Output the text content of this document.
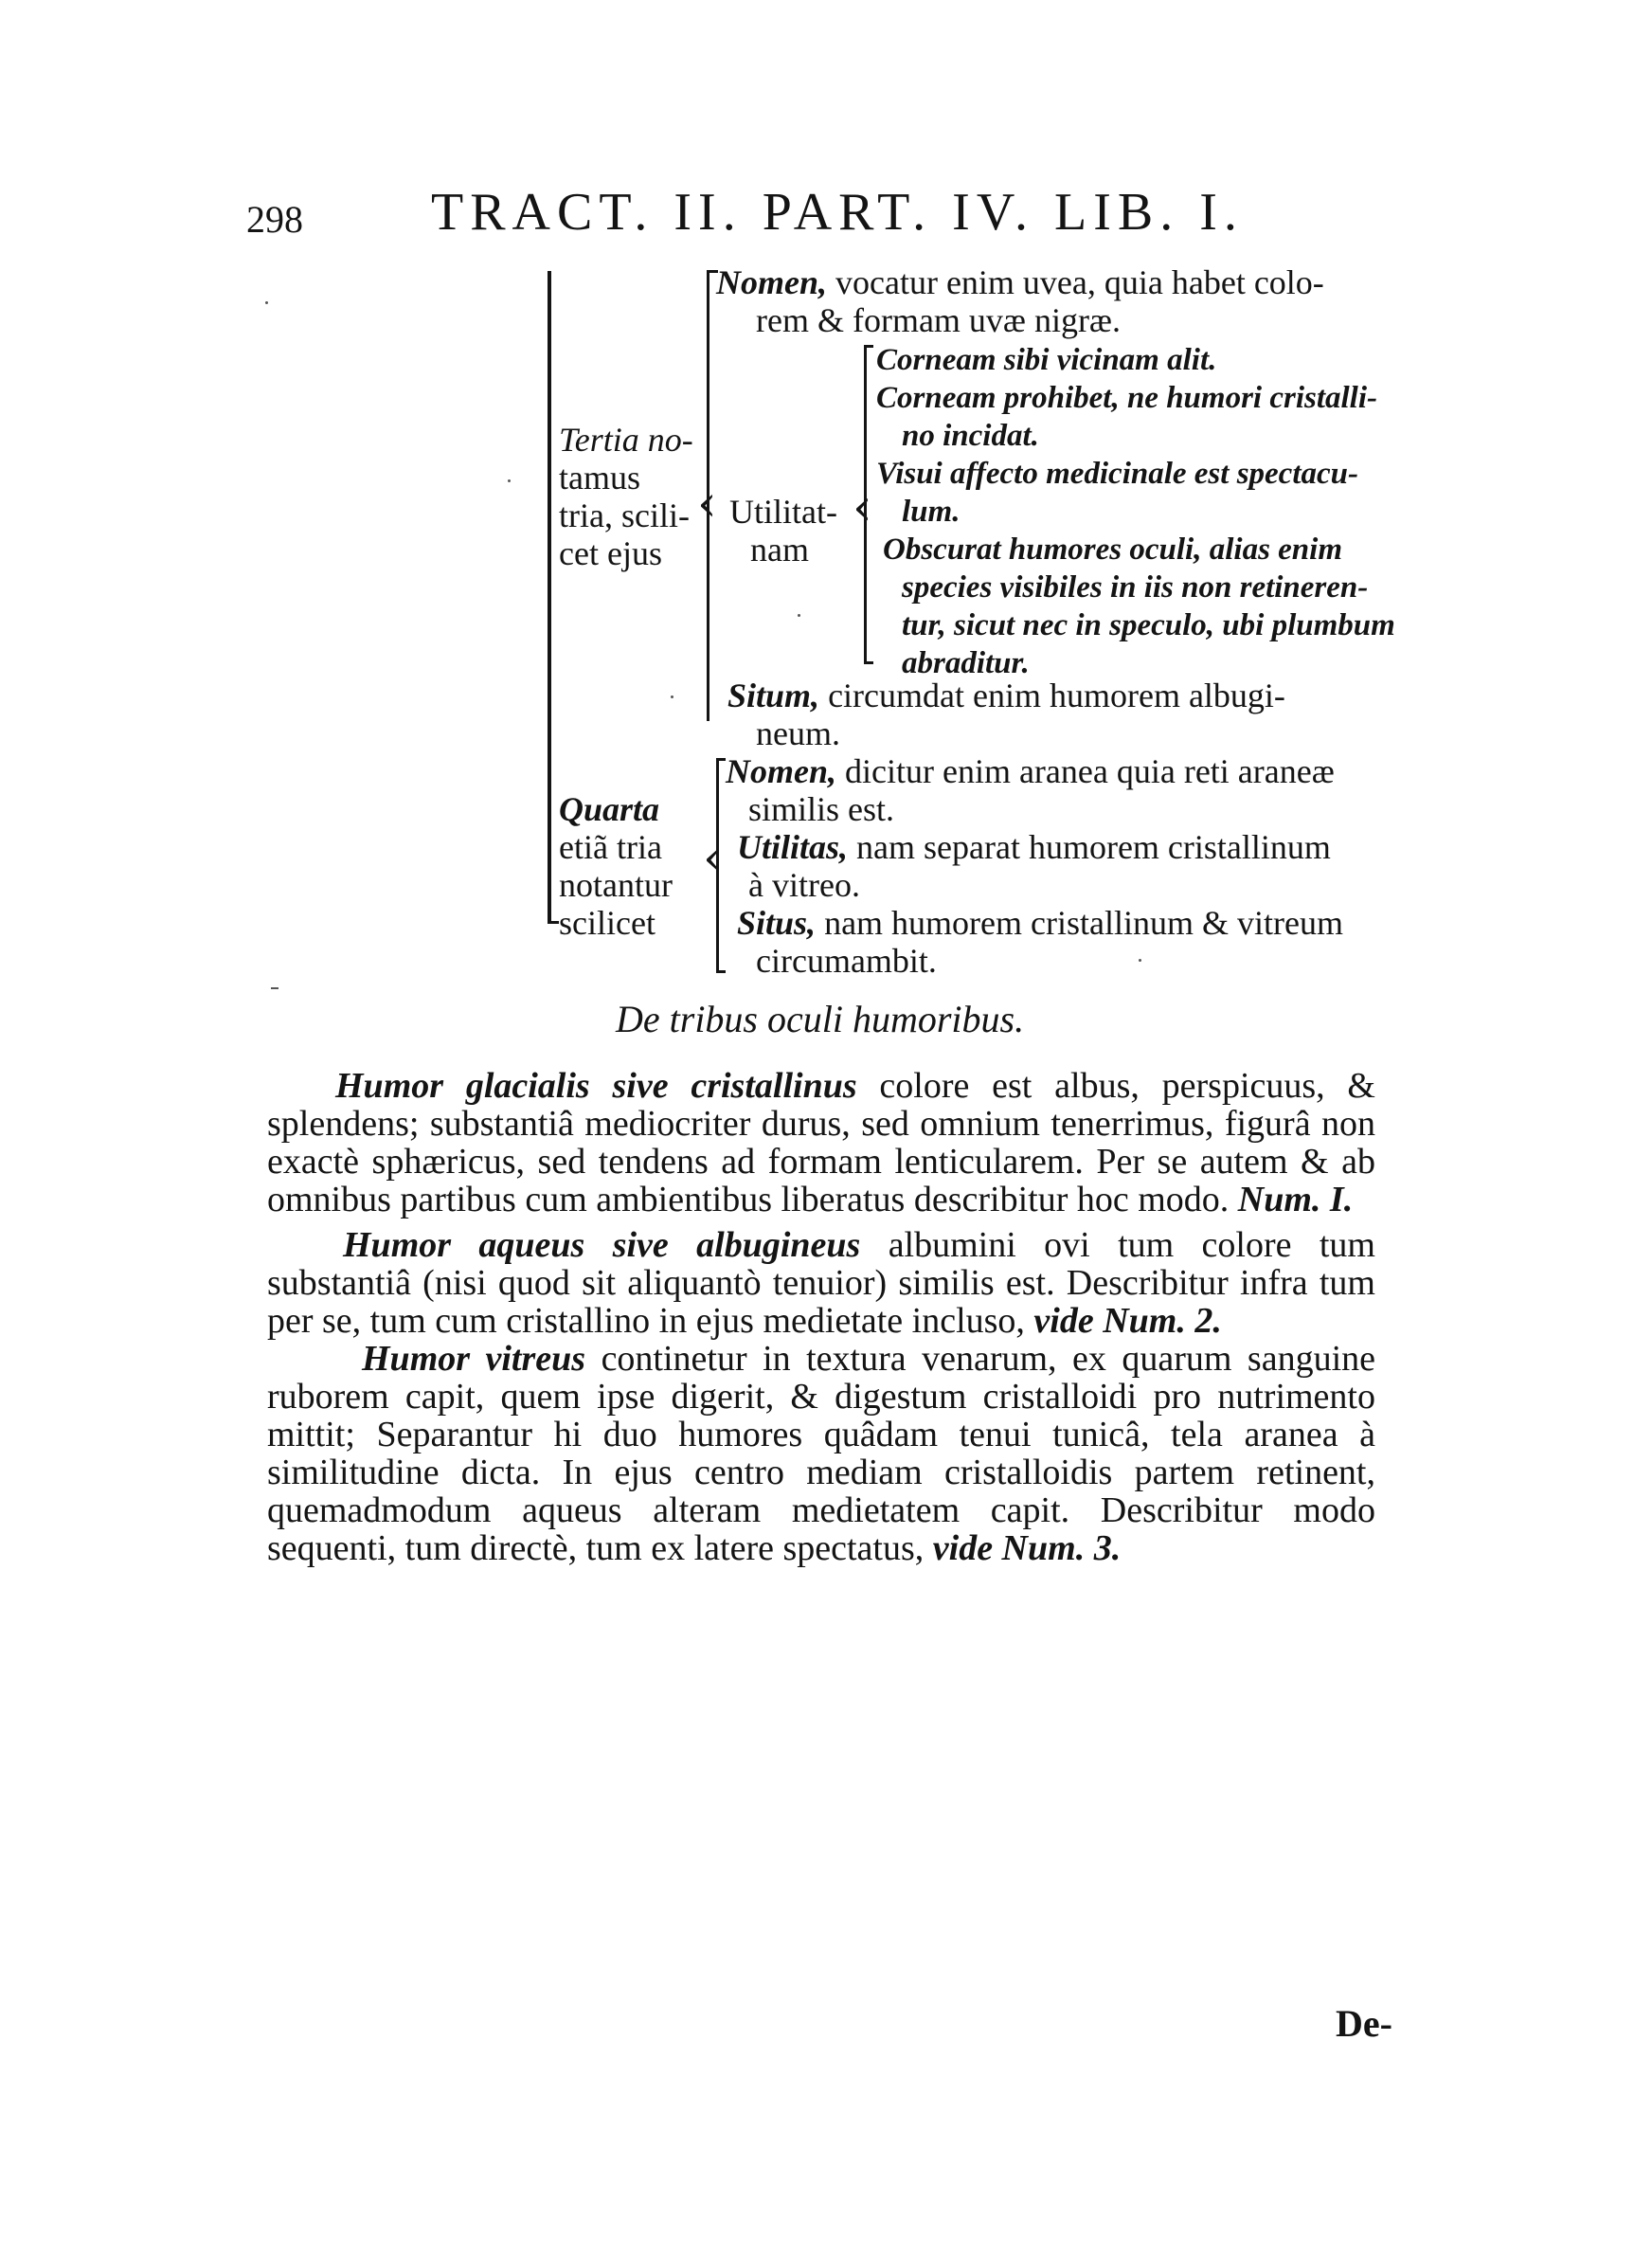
298 TRACT. II. PART. IV. LIB. I.
Tertia no-
tamus
tria, scili-
cet ejus
‹
Nomen, vocatur enim uvea, quia habet colo-
rem & formam uvæ nigræ.
Utilitat-
nam
‹
Corneam sibi vicinam alit.
Corneam prohibet, ne humori cristalli-
no incidat.
Visui affecto medicinale est spectacu-
lum.
Obscurat humores oculi, alias enim
species visibiles in iis non retineren-
tur, sicut nec in speculo, ubi plumbum
abraditur.
Situm, circumdat enim humorem albugi-
neum.
Quarta
etiã tria
notantur
scilicet
‹
Nomen, dicitur enim aranea quia reti araneæ
similis est.
Utilitas, nam separat humorem cristallinum
à vitreo.
Situs, nam humorem cristallinum & vitreum
circumambit.
De tribus oculi humoribus.

Humor glacialis sive cristallinus colore est albus, perspicuus, & splendens; substantiâ mediocriter durus, sed omnium tenerrimus, figurâ non exactè sphæricus, sed tendens ad formam lenticularem. Per se autem & ab omnibus partibus cum ambientibus liberatus describitur hoc modo. Num. I.

Humor aqueus sive albugineus albumini ovi tum colore tum substantiâ (nisi quod sit aliquantò tenuior) similis est. Describitur infra tum per se, tum cum cristallino in ejus medietate incluso, vide Num. 2.

Humor vitreus continetur in textura venarum, ex quarum sanguine ruborem capit, quem ipse digerit, & digestum cristalloidi pro nutrimento mittit; Separantur hi duo humores quâdam tenui tunicâ, tela aranea à similitudine dicta. In ejus centro mediam cristalloidis partem retinent, quemadmodum aqueus alteram medietatem capit. Describitur modo sequenti, tum directè, tum ex latere spectatus, vide Num. 3.

De-
